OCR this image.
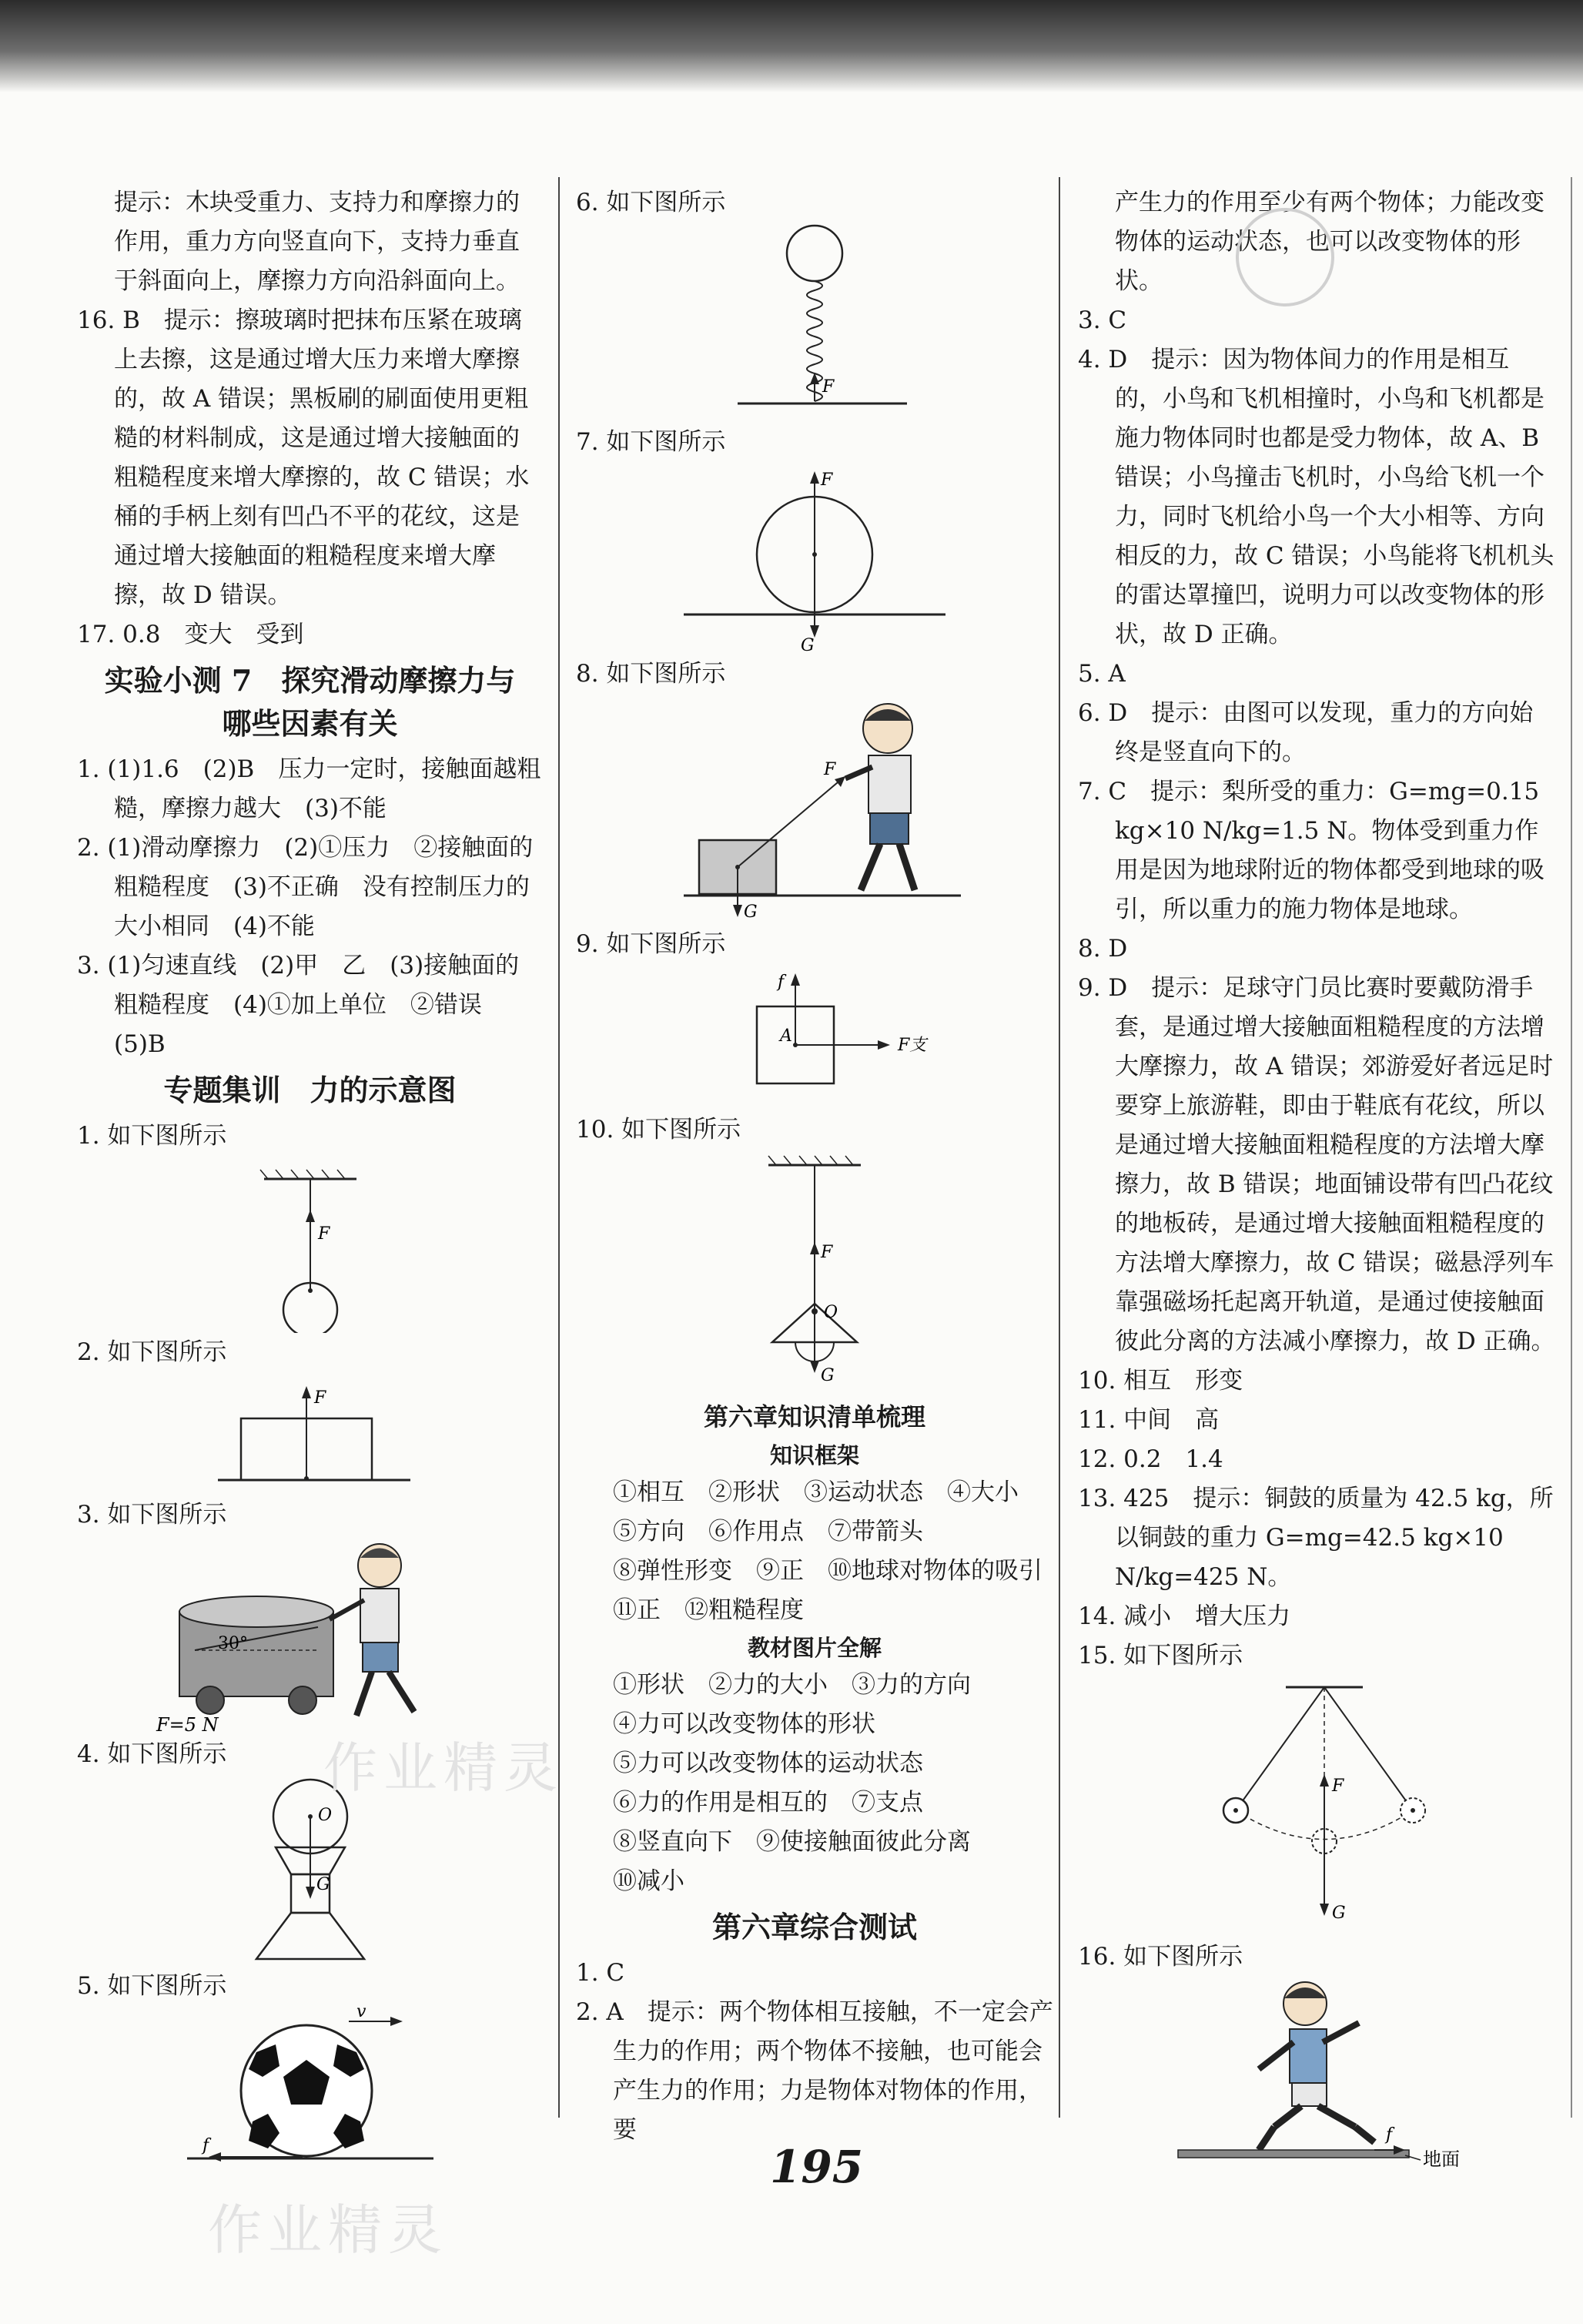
提示：木块受重力、支持力和摩擦力的作用，重力方向竖直向下，支持力垂直于斜面向上，摩擦力方向沿斜面向上。

16. B　提示：擦玻璃时把抹布压紧在玻璃上去擦，这是通过增大压力来增大摩擦的，故 A 错误；黑板刷的刷面使用更粗糙的材料制成，这是通过增大接触面的粗糙程度来增大摩擦的，故 C 错误；水桶的手柄上刻有凹凸不平的花纹，这是通过增大接触面的粗糙程度来增大摩擦，故 D 错误。

17. 0.8　变大　受到

实验小测 7　探究滑动摩擦力与
哪些因素有关

1. (1)1.6　(2)B　压力一定时，接触面越粗糙，摩擦力越大　(3)不能

2. (1)滑动摩擦力　(2)①压力　②接触面的粗糙程度　(3)不正确　没有控制压力的大小相同　(4)不能

3. (1)匀速直线　(2)甲　乙　(3)接触面的粗糙程度　(4)①加上单位　②错误　(5)B

专题集训　力的示意图

1. 如下图所示

F

2. 如下图所示

F

3. 如下图所示

30°
F=5 N

4. 如下图所示

O
G

5. 如下图所示

v
f

6. 如下图所示

F

7. 如下图所示

F
G

8. 如下图所示

F
G

9. 如下图所示

A
f
F支

10. 如下图所示

O
F
G
第六章知识清单梳理
知识框架

①相互　②形状　③运动状态　④大小

⑤方向　⑥作用点　⑦带箭头

⑧弹性形变　⑨正　⑩地球对物体的吸引

⑪正　⑫粗糙程度

教材图片全解

①形状　②力的大小　③力的方向

④力可以改变物体的形状

⑤力可以改变物体的运动状态

⑥力的作用是相互的　⑦支点

⑧竖直向下　⑨使接触面彼此分离

⑩减小

第六章综合测试

1. C

2. A　提示：两个物体相互接触，不一定会产生力的作用；两个物体不接触，也可能会产生力的作用；力是物体对物体的作用，要

产生力的作用至少有两个物体；力能改变物体的运动状态，也可以改变物体的形状。

3. C

4. D　提示：因为物体间力的作用是相互的，小鸟和飞机相撞时，小鸟和飞机都是施力物体同时也都是受力物体，故 A、B 错误；小鸟撞击飞机时，小鸟给飞机一个力，同时飞机给小鸟一个大小相等、方向相反的力，故 C 错误；小鸟能将飞机机头的雷达罩撞凹，说明力可以改变物体的形状，故 D 正确。

5. A

6. D　提示：由图可以发现，重力的方向始终是竖直向下的。

7. C　提示：梨所受的重力：G=mg=0.15 kg×10 N/kg=1.5 N。物体受到重力作用是因为地球附近的物体都受到地球的吸引，所以重力的施力物体是地球。

8. D

9. D　提示：足球守门员比赛时要戴防滑手套，是通过增大接触面粗糙程度的方法增大摩擦力，故 A 错误；郊游爱好者远足时要穿上旅游鞋，即由于鞋底有花纹，所以是通过增大接触面粗糙程度的方法增大摩擦力，故 B 错误；地面铺设带有凹凸花纹的地板砖，是通过增大接触面粗糙程度的方法增大摩擦力，故 C 错误；磁悬浮列车靠强磁场托起离开轨道，是通过使接触面彼此分离的方法减小摩擦力，故 D 正确。

10. 相互　形变

11. 中间　高

12. 0.2　1.4

13. 425　提示：铜鼓的质量为 42.5 kg，所以铜鼓的重力 G=mg=42.5 kg×10 N/kg=425 N。

14. 减小　增大压力

15. 如下图所示

F
G

16. 如下图所示

f
地面
作业精灵
作业精灵
195
